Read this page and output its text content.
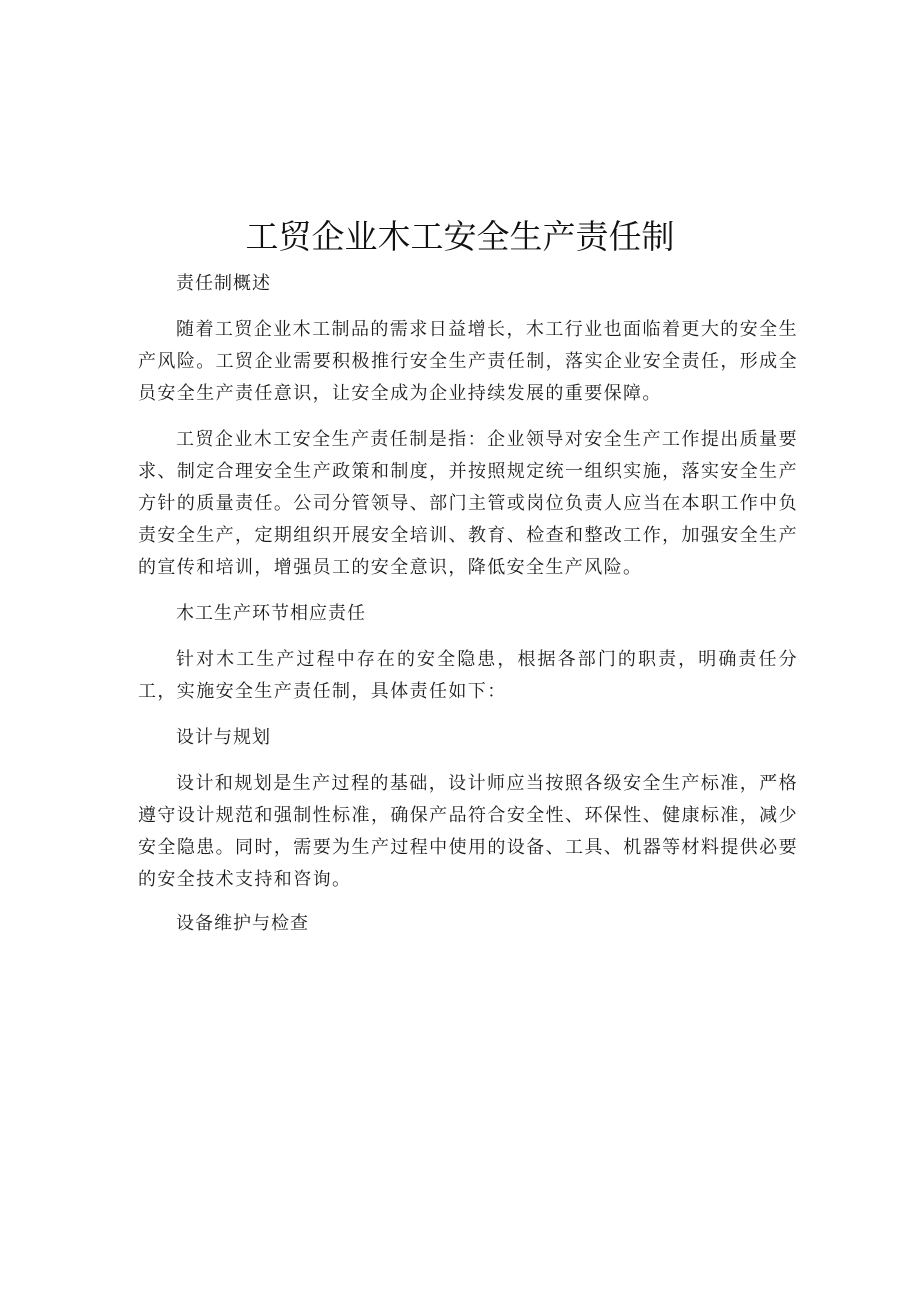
工贸企业木工安全生产责任制

责任制概述

随着工贸企业木工制品的需求日益增长，木工行业也面临着更大的安全生产风险。工贸企业需要积极推行安全生产责任制，落实企业安全责任，形成全员安全生产责任意识，让安全成为企业持续发展的重要保障。

工贸企业木工安全生产责任制是指：企业领导对安全生产工作提出质量要求、制定合理安全生产政策和制度，并按照规定统一组织实施，落实安全生产方针的质量责任。公司分管领导、部门主管或岗位负责人应当在本职工作中负责安全生产，定期组织开展安全培训、教育、检查和整改工作，加强安全生产的宣传和培训，增强员工的安全意识，降低安全生产风险。

木工生产环节相应责任

针对木工生产过程中存在的安全隐患，根据各部门的职责，明确责任分工，实施安全生产责任制，具体责任如下：

设计与规划

设计和规划是生产过程的基础，设计师应当按照各级安全生产标准，严格遵守设计规范和强制性标准，确保产品符合安全性、环保性、健康标准，减少安全隐患。同时，需要为生产过程中使用的设备、工具、机器等材料提供必要的安全技术支持和咨询。

设备维护与检查
